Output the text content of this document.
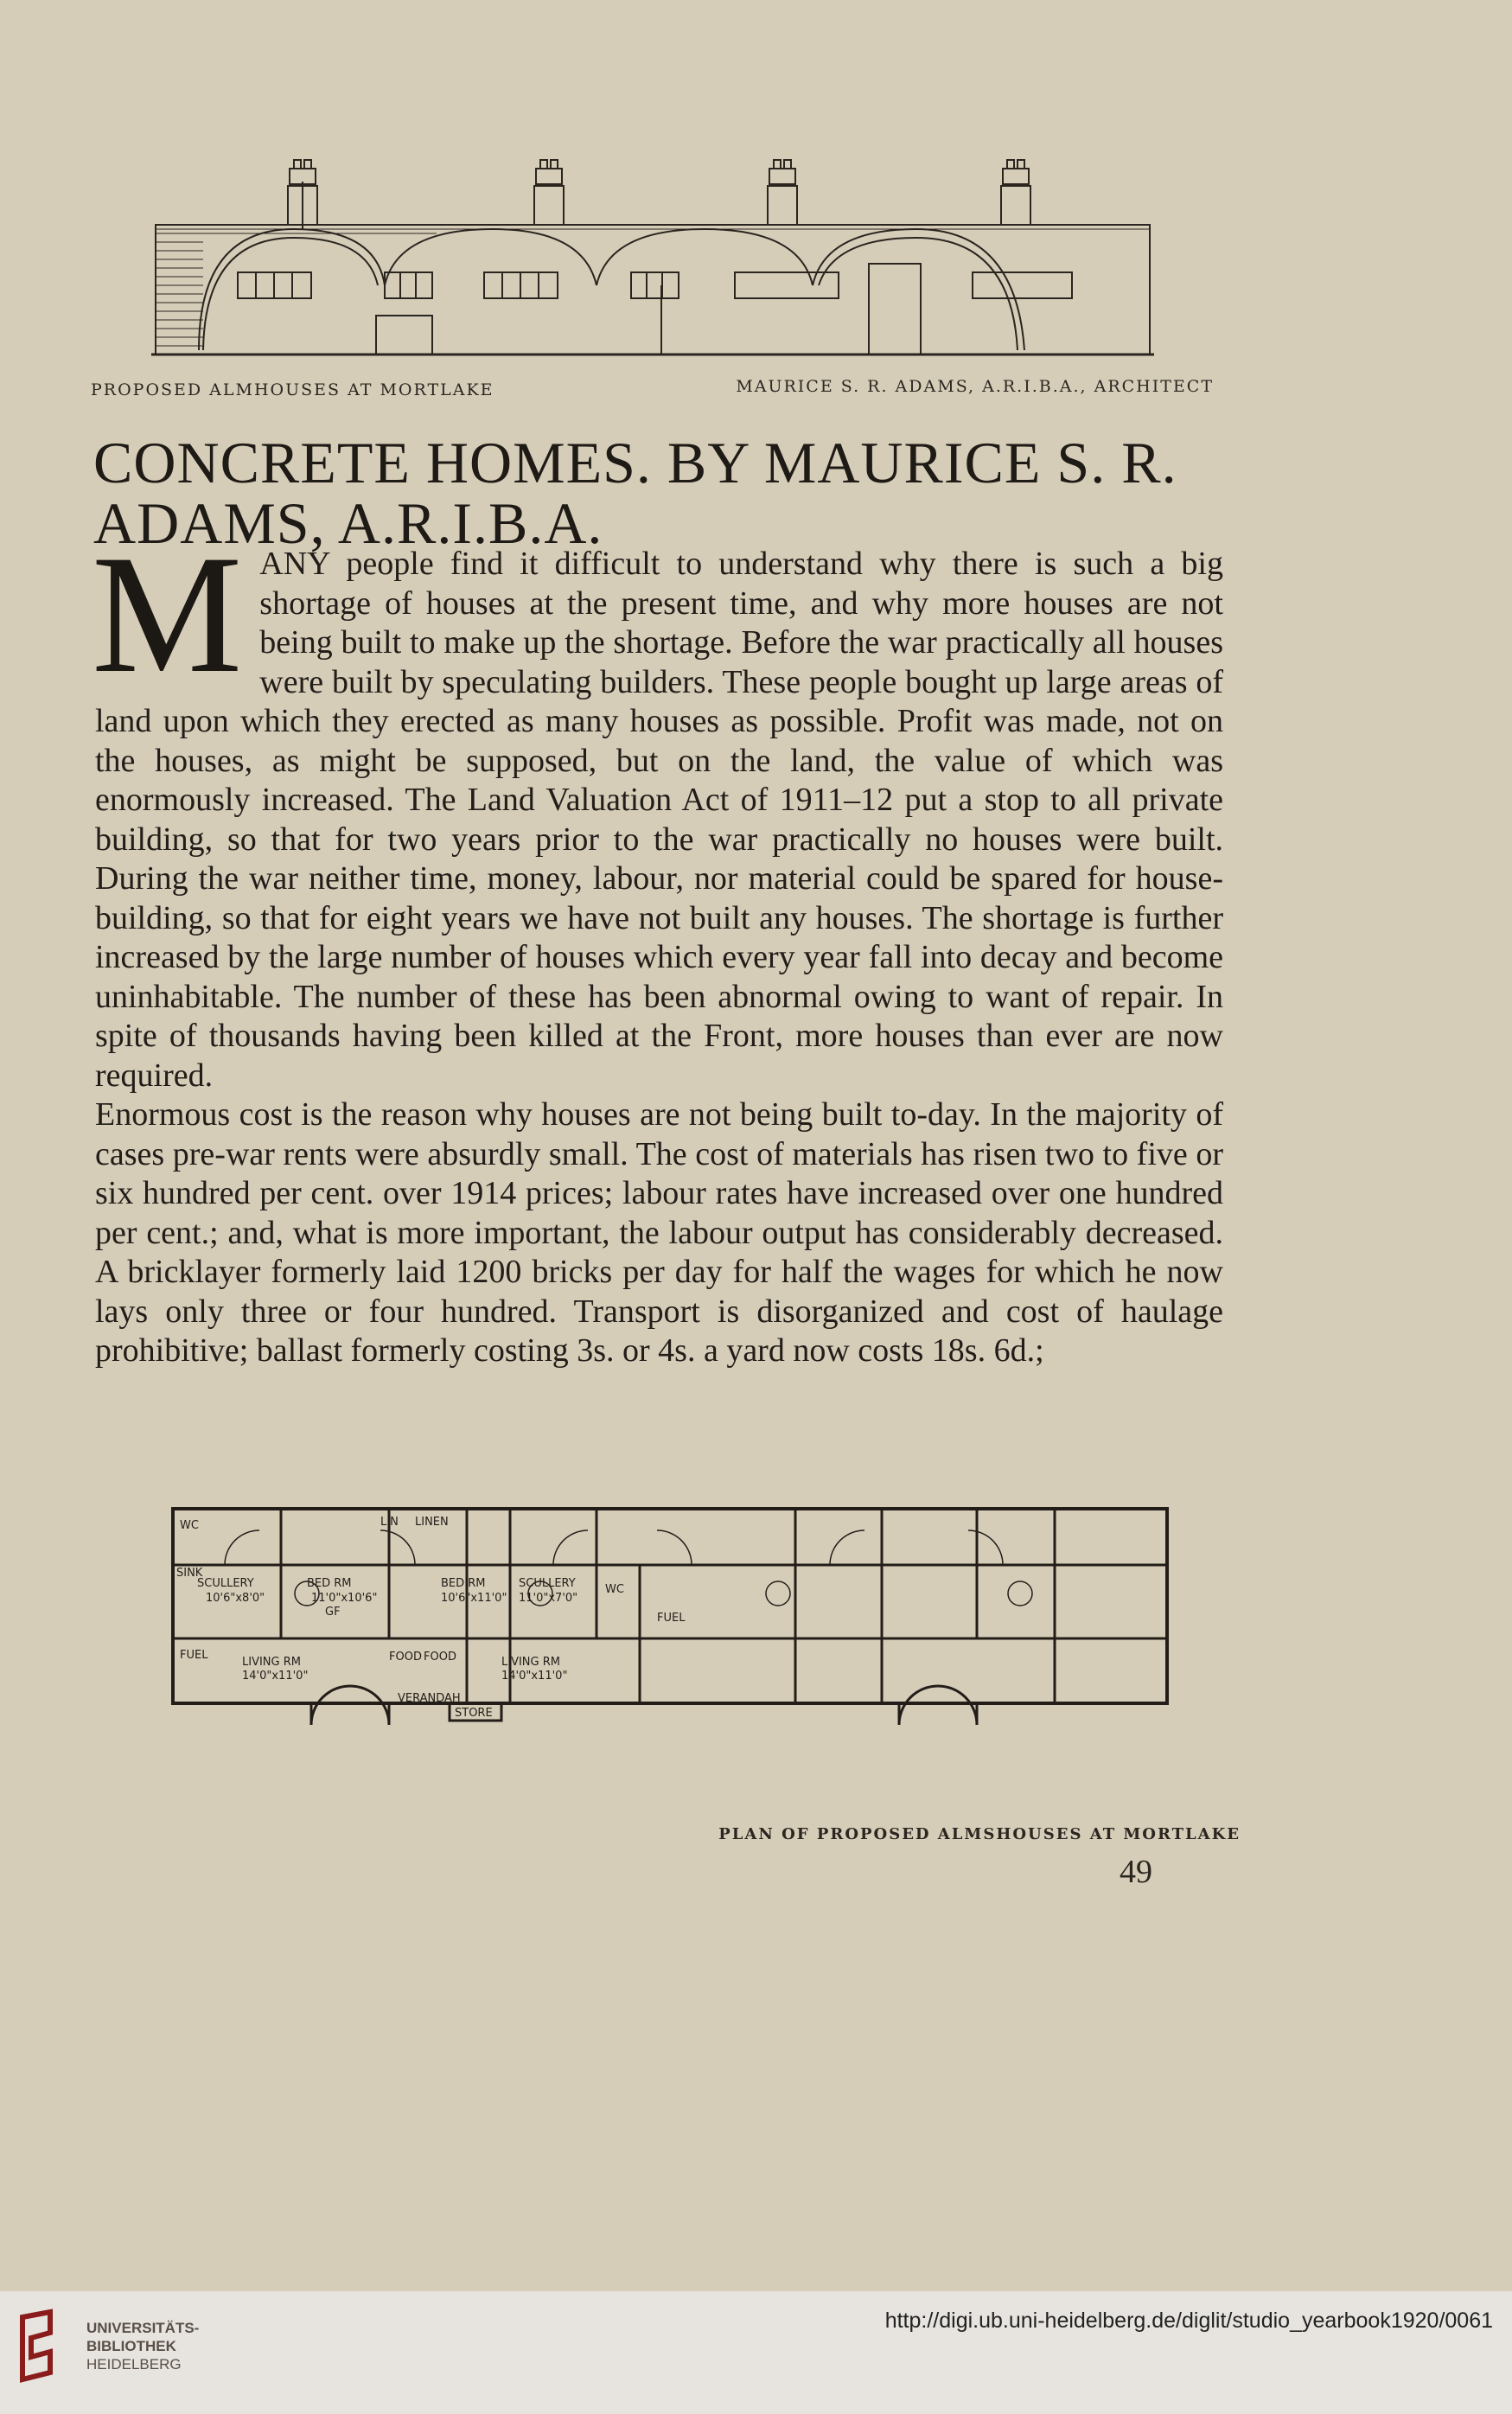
PROPOSED ALMHOUSES AT MORTLAKE	MAURICE S. R. ADAMS, A.R.I.B.A., ARCHITECT
CONCRETE HOMES. BY MAURICE S. R. ADAMS, A.R.I.B.A.

MANY people find it difficult to understand why there is such a big shortage of houses at the present time, and why more houses are not being built to make up the shortage. Before the war practically all houses were built by speculating builders. These people bought up large areas of land upon which they erected as many houses as possible. Profit was made, not on the houses, as might be supposed, but on the land, the value of which was enormously increased. The Land Valuation Act of 1911–12 put a stop to all private building, so that for two years prior to the war practically no houses were built. During the war neither time, money, labour, nor material could be spared for house-building, so that for eight years we have not built any houses. The shortage is further increased by the large number of houses which every year fall into decay and become uninhabitable. The number of these has been abnormal owing to want of repair. In spite of thousands having been killed at the Front, more houses than ever are now required.

Enormous cost is the reason why houses are not being built to-day. In the majority of cases pre-war rents were absurdly small. The cost of materials has risen two to five or six hundred per cent. over 1914 prices; labour rates have increased over one hundred per cent.; and, what is more important, the labour output has considerably decreased. A bricklayer formerly laid 1200 bricks per day for half the wages for which he now lays only three or four hundred. Transport is disorganized and cost of haulage prohibitive; ballast formerly costing 3s. or 4s. a yard now costs 18s. 6d.;

WC	LIN LINEN
SINK
SCULLERY
10'6"x8'0"
BED RM
11'0"x10'6"
GF
BED RM
10'6"x11'0"
SCULLERY
11'0"x7'0"
WC
FUEL
FUEL
FOOD FOOD
LIVING RM
14'0"x11'0"
LIVING RM
14'0"x11'0"
VERANDAH
STORE
PLAN OF PROPOSED ALMSHOUSES AT MORTLAKE
49
UNIVERSITÄTS-
BIBLIOTHEK
HEIDELBERG
http://digi.ub.uni-heidelberg.de/diglit/studio_yearbook1920/0061
